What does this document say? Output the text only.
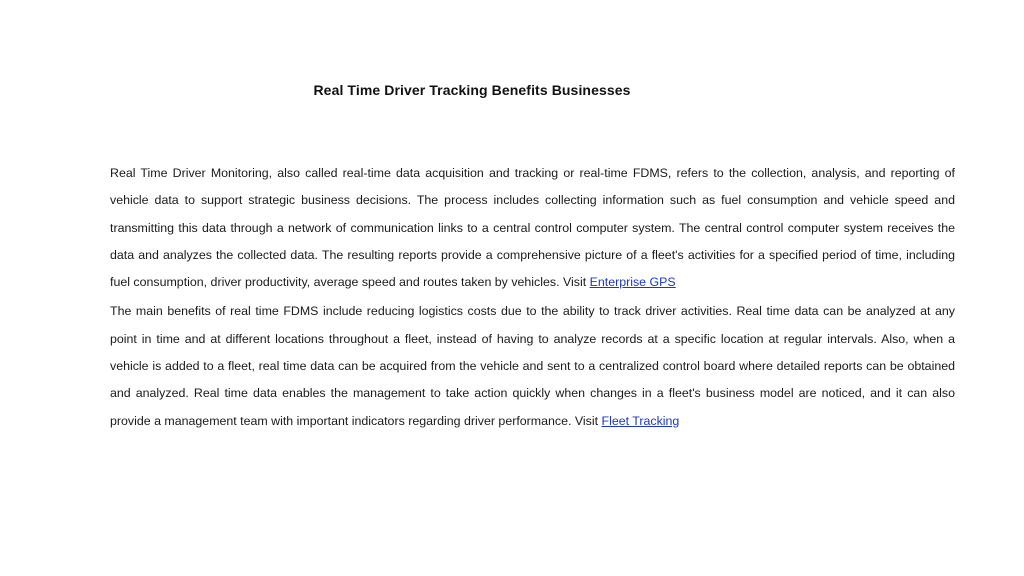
Real Time Driver Tracking Benefits Businesses

Real Time Driver Monitoring, also called real-time data acquisition and tracking or real-time FDMS, refers to the collection, analysis, and reporting of vehicle data to support strategic business decisions. The process includes collecting information such as fuel consumption and vehicle speed and transmitting this data through a network of communication links to a central control computer system. The central control computer system receives the data and analyzes the collected data. The resulting reports provide a comprehensive picture of a fleet's activities for a specified period of time, including fuel consumption, driver productivity, average speed and routes taken by vehicles. Visit Enterprise GPS

The main benefits of real time FDMS include reducing logistics costs due to the ability to track driver activities. Real time data can be analyzed at any point in time and at different locations throughout a fleet, instead of having to analyze records at a specific location at regular intervals. Also, when a vehicle is added to a fleet, real time data can be acquired from the vehicle and sent to a centralized control board where detailed reports can be obtained and analyzed. Real time data enables the management to take action quickly when changes in a fleet's business model are noticed, and it can also provide a management team with important indicators regarding driver performance. Visit Fleet Tracking
